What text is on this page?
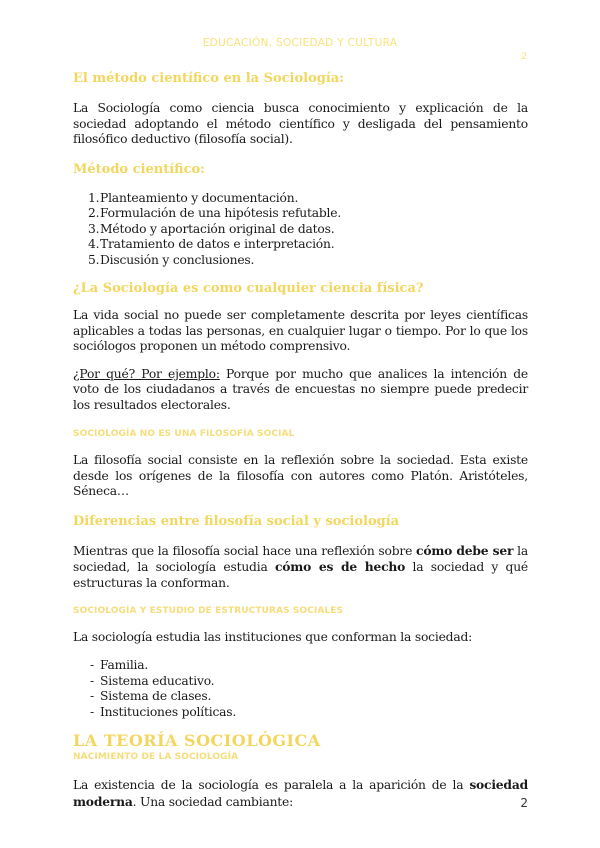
EDUCACIÓN, SOCIEDAD Y CULTURA
2
El método científico en la Sociología:

La Sociología como ciencia busca conocimiento y explicación de la sociedad adoptando el método científico y desligada del pensamiento filosófico deductivo (filosofía social).

Método científico:
1. Planteamiento y documentación.
2. Formulación de una hipótesis refutable.
3. Método y aportación original de datos.
4. Tratamiento de datos e interpretación.
5. Discusión y conclusiones.
¿La Sociología es como cualquier ciencia física?

La vida social no puede ser completamente descrita por leyes científicas aplicables a todas las personas, en cualquier lugar o tiempo. Por lo que los sociólogos proponen un método comprensivo.

¿Por qué? Por ejemplo: Porque por mucho que analices la intención de voto de los ciudadanos a través de encuestas no siempre puede predecir los resultados electorales.

SOCIOLOGÍA NO ES UNA FILOSOFÍA SOCIAL

La filosofía social consiste en la reflexión sobre la sociedad. Esta existe desde los orígenes de la filosofía con autores como Platón. Aristóteles, Séneca…

Diferencias entre filosofía social y sociología

Mientras que la filosofía social hace una reflexión sobre cómo debe ser la sociedad, la sociología estudia cómo es de hecho la sociedad y qué estructuras la conforman.

SOCIOLOGÍA Y ESTUDIO DE ESTRUCTURAS SOCIALES

La sociología estudia las instituciones que conforman la sociedad:

- Familia.
- Sistema educativo.
- Sistema de clases.
- Instituciones políticas.
LA TEORÍA SOCIOLÓGICA
NACIMIENTO DE LA SOCIOLOGÍA

La existencia de la sociología es paralela a la aparición de la sociedad moderna. Una sociedad cambiante:	2
